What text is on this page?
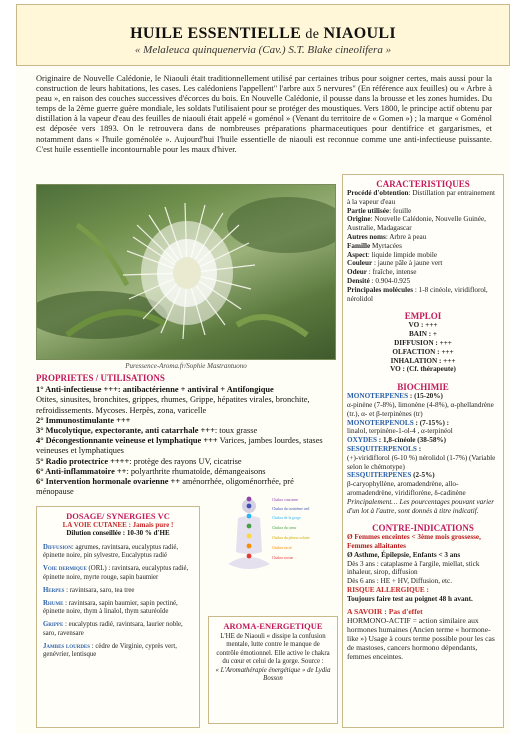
HUILE ESSENTIELLE de NIAOULI
« Melaleuca quinquenervia (Cav.) S.T. Blake cineolifera »
Originaire de Nouvelle Calédonie, le Niaouli était traditionnellement utilisé par certaines tribus pour soigner certes, mais aussi pour la construction de leurs habitations, les cases. Les calédoniens l'appellent" l'arbre aux 5 nervures" (En référence aux feuilles) ou « Arbre à peau », en raison des couches successives d'écorces du bois. En Nouvelle Calédonie, il pousse dans la brousse et les zones humides. Du temps de la 2ème guerre guère mondiale, les soldats l'utilisaient pour se protéger des moustiques. Vers 1800, le principe actif obtenu par distillation à la vapeur d'eau des feuilles de niaouli était appelé « goménol » (Venant du territoire de « Gomen ») ; la marque « Goménol est déposée vers 1893. On le retrouvera dans de nombreuses préparations pharmaceutiques pour dentifrice et gargarismes, et notamment dans « l'huile goménolée ». Aujourd'hui l'huile essentielle de niaouli est reconnue comme une anti-infectieuse puissante. C'est huile essentielle incontournable pour les maux d'hiver.
Puressence-Aroma.fr/Sophie Mastrantuono
PROPRIETES / UTILISATIONS
1° Anti-infectieuse +++: antibactérienne + antiviral + Antifongique
Otites, sinusites, bronchites, grippes, rhumes, Grippe, hépatites virales, bronchite, refroidissements. Mycoses. Herpès, zona, varicelle
2° Immunostimulante +++
3° Mucolytique, expectorante, anti catarrhale +++: toux grasse
4° Décongestionnante veineuse et lymphatique +++ Varices, jambes lourdes, stases veineuses et lymphatiques
5° Radio protectrice ++++: protège des rayons UV, cicatrise
6° Anti-inflammatoire ++: polyarthrite rhumatoïde, démangeaisons
6° Intervention hormonale ovarienne ++ aménorrhée, oligoménorrhée, pré ménopause
CARACTERISTIQUES
Procédé d'obtention: Distillation par entrainement à la vapeur d'eau
Partie utilisée: feuille
Origine: Nouvelle Calédonie, Nouvelle Guinée, Australie, Madagascar
Autres noms: Arbre à peau
Famille Myrtacées
Aspect: liquide limpide mobile
Couleur : jaune pâle à jaune vert
Odeur : fraîche, intense
Densité : 0.904-0.925
Principales molécules : 1-8 cinéole, viridiflorol, nérolidol
EMPLOI
VO : +++
BAIN : +
DIFFUSION : +++
OLFACTION : +++
INHALATION : +++
VO : (Cf. thérapeute)
BIOCHIMIE
MONOTERPENES : (15-20%)
α-pinène (7-8%), limonène (4-8%), α-phellandrène (tr.), α- et β-terpinènes (tr)
MONOTERPENOLS : (7-15%) :
linalol, terpinène-1-ol-4 , α-terpinéol
OXYDES : 1,8-cinéole (38-58%)
SESQUITERPENOLS :
(+)-viridiflorol (6-10 %) nérolidol (1-7%) (Variable selon le chémotype)
SESQUITERPENES (2-5%)
β-caryophyllène, aromadendrène, allo-aromadendrène, viridiflorène, δ-cadinène
Principalement… Les pourcentages pouvant varier d'un lot à l'autre, sont donnés à titre indicatif.
CONTRE-INDICATIONS
Ø Femmes enceintes < 3ème mois grossesse, Femmes allaitantes
Ø Asthme, Épilepsie, Enfants < 3 ans
Dès 3 ans : cataplasme à l'argile, miellat, stick inhaleur, sirop, diffusion
Dès 6 ans : HE + HV, Diffusion, etc.
RISQUE ALLERGIQUE :
Toujours faire test au poignet 48 h avant.
A SAVOIR : Pas d'effet
HORMONO-ACTIF = action similaire aux hormones humaines (Ancien terme « hormone-like ») Usage à cours terme possible pour les cas de mastoses, cancers hormono dépendants, femmes enceintes.
DOSAGE/ SYNERGIES VC
LA VOIE CUTANEE : Jamais pure !
Dilution conseillée : 10-30 % d'HE
Diffusion: agrumes, ravintsara, eucalyptus radié, épinette noire, pin sylvestre, Eucalyptus radié
Voie dermique (ORL) : ravintsara, eucalyptus radié, épinette noire, myrte rouge, sapin baumier
Herpes : ravintsara, saro, tea tree
Rhume : ravintsara, sapin baumier, sapin pectiné, épinette noire, thym à linalol, thym saturéoïde
Grippe : eucalyptus radié, ravintsara, laurier noble, saro, ravensare
Jambes lourdes : cèdre de Virginie, cyprès vert, genévrier, lentisque
Chakra couronne
Chakra du troisième oeil
Chakra de la gorge
Chakra du cœur
Chakra du plexus solaire
Chakra sacré
Chakra racine
AROMA-ENERGETIQUE
L'HE de Niaouli « dissipe la confusion mentale, lutte contre le manque de contrôle émotionnel. Elle active le chakra du cœur et celui de la gorge. Source :
« L'Aromathérapie énergétique » de Lydia Bosson
